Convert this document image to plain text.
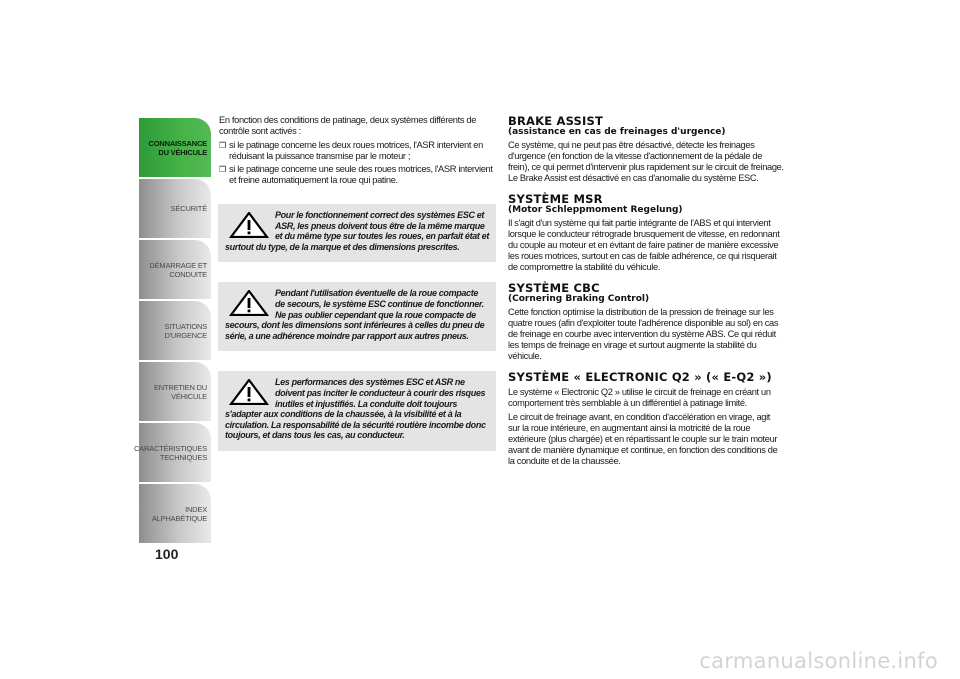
CONNAISSANCE
DU VÉHICULE
SÉCURITÉ
DÉMARRAGE ET
CONDUITE
SITUATIONS
D'URGENCE
ENTRETIEN DU
VÉHICULE
CARACTÉRISTIQUES
TECHNIQUES
INDEX
ALPHABÉTIQUE
100

En fonction des conditions de patinage, deux systèmes différents de contrôle sont activés :

❒ si le patinage concerne les deux roues motrices, l'ASR intervient en réduisant la puissance transmise par le moteur ;
❒ si le patinage concerne une seule des roues motrices, l'ASR intervient et freine automatiquement la roue qui patine.

Pour le fonctionnement correct des systèmes ESC et ASR, les pneus doivent tous être de la même marque et du même type sur toutes les roues, en parfait état et surtout du type, de la marque et des dimensions prescrites.

Pendant l'utilisation éventuelle de la roue compacte de secours, le système ESC continue de fonctionner. Ne pas oublier cependant que la roue compacte de secours, dont les dimensions sont inférieures à celles du pneu de série, a une adhérence moindre par rapport aux autres pneus.

Les performances des systèmes ESC et ASR ne doivent pas inciter le conducteur à courir des risques inutiles et injustifiés. La conduite doit toujours s'adapter aux conditions de la chaussée, à la visibilité et à la circulation. La responsabilité de la sécurité routière incombe donc toujours, et dans tous les cas, au conducteur.

BRAKE ASSIST
(assistance en cas de freinages d'urgence)

Ce système, qui ne peut pas être désactivé, détecte les freinages d'urgence (en fonction de la vitesse d'actionnement de la pédale de frein), ce qui permet d'intervenir plus rapidement sur le circuit de freinage. Le Brake Assist est désactivé en cas d'anomalie du système ESC.

SYSTÈME MSR
(Motor Schleppmoment Regelung)

Il s'agit d'un système qui fait partie intégrante de l'ABS et qui intervient lorsque le conducteur rétrograde brusquement de vitesse, en redonnant du couple au moteur et en évitant de faire patiner de manière excessive les roues motrices, surtout en cas de faible adhérence, ce qui risquerait de compromettre la stabilité du véhicule.

SYSTÈME CBC
(Cornering Braking Control)

Cette fonction optimise la distribution de la pression de freinage sur les quatre roues (afin d'exploiter toute l'adhérence disponible au sol) en cas de freinage en courbe avec intervention du système ABS. Ce qui réduit les temps de freinage en virage et surtout augmente la stabilité du véhicule.

SYSTÈME « ELECTRONIC Q2 » (« E-Q2 »)

Le système « Electronic Q2 » utilise le circuit de freinage en créant un comportement très semblable à un différentiel à patinage limité.

Le circuit de freinage avant, en condition d'accélération en virage, agit sur la roue intérieure, en augmentant ainsi la motricité de la roue extérieure (plus chargée) et en répartissant le couple sur le train moteur avant de manière dynamique et continue, en fonction des conditions de la conduite et de la chaussée.

carmanualsonline.info
